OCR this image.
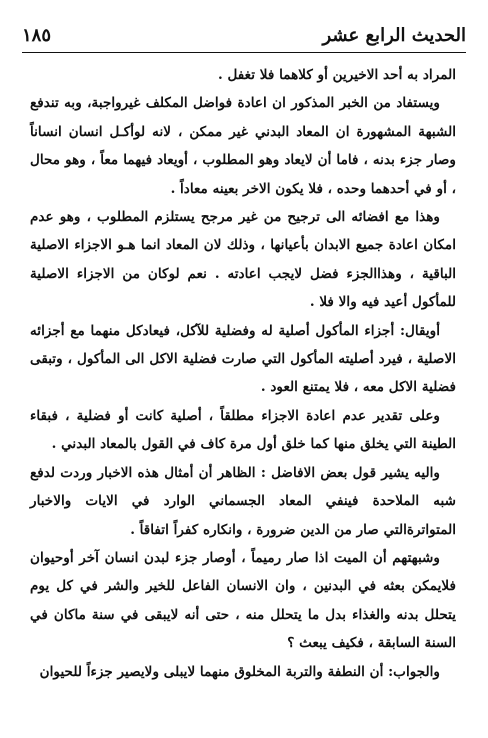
الحديث الرابع عشر
١٨٥

المراد به أحد الاخيرين أو كلاهما فلا تغفل .

ويستفاد من الخبر المذكور ان اعادة فواضل المكلف غيرواجبة، وبه تندفع الشبهة المشهورة ان المعاد البدني غير ممكن ، لانه لوأكـل انسان انساناً وصار جزء بدنه ، فاما أن لايعاد وهو المطلوب ، أويعاد فيهما معاً ، وهو محال ، أو في أحدهما وحده ، فلا يكون الاخر بعينه معاداً .

وهذا مع افضائه الى ترجيح من غير مرجح يستلزم المطلوب ، وهو عدم امكان اعادة جميع الابدان بأعيانها ، وذلك لان المعاد انما هـو الاجزاء الاصلية الباقية ، وهذاالجزء فضل لايجب اعادته . نعم لوكان من الاجزاء الاصلية للمأكول أعيد فيه والا فلا .

أويقال: أجزاء المأكول أصلية له وفضلية للآكل، فيعادكل منهما مع أجزائه الاصلية ، فيرد أصليته المأكول التي صارت فضلية الاكل الى المأكول ، وتبقى فضلية الاكل معه ، فلا يمتنع العود .

وعلى تقدير عدم اعادة الاجزاء مطلقاً ، أصلية كانت أو فضلية ، فبقاء الطينة التي يخلق منها كما خلق أول مرة كاف في القول بالمعاد البدني .

واليه يشير قول بعض الافاضل : الظاهر أن أمثال هذه الاخبار وردت لدفع شبه الملاحدة فينفي المعاد الجسماني الوارد في الايات والاخبار المتواترةالتي صار من الدين ضرورة ، وانكاره كفراً اتفاقاً .

وشبهتهم أن الميت اذا صار رميماً ، أوصار جزء لبدن انسان آخر أوحيوان فلايمكن بعثه في البدنين ، وان الانسان الفاعل للخير والشر في كل يوم يتحلل بدنه والغذاء بدل ما يتحلل منه ، حتى أنه لايبقى في سنة ماكان في السنة السابقة ، فكيف يبعث ؟

والجواب: أن النطفة والتربة المخلوق منهما لايبلى ولايصير جزءاً للحيوان
